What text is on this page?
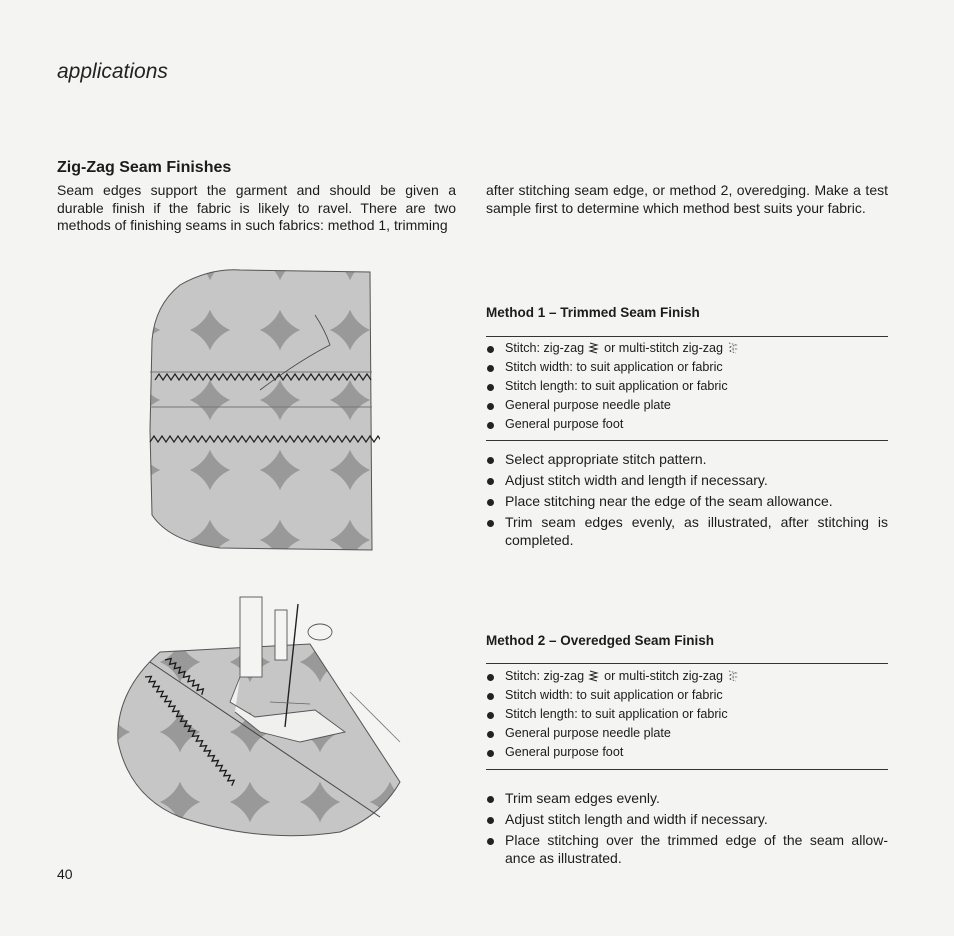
applications
Zig-Zag Seam Finishes
Seam edges support the garment and should be given a durable finish if the fabric is likely to ravel. There are two methods of finishing seams in such fabrics: method 1, trimming
after stitching seam edge, or method 2, overedging. Make a test sample first to determine which method best suits your fabric.
Method 1 – Trimmed Seam Finish
Stitch: zig-zag or multi-stitch zig-zag
Stitch width: to suit application or fabric
Stitch length: to suit application or fabric
General purpose needle plate
General purpose foot
Select appropriate stitch pattern.
Adjust stitch width and length if necessary.
Place stitching near the edge of the seam allowance.
Trim seam edges evenly, as illustrated, after stitching is completed.
Method 2 – Overedged Seam Finish
Stitch: zig-zag or multi-stitch zig-zag
Stitch width: to suit application or fabric
Stitch length: to suit application or fabric
General purpose needle plate
General purpose foot
Trim seam edges evenly.
Adjust stitch length and width if necessary.
Place stitching over the trimmed edge of the seam allow- ance as illustrated.
40
